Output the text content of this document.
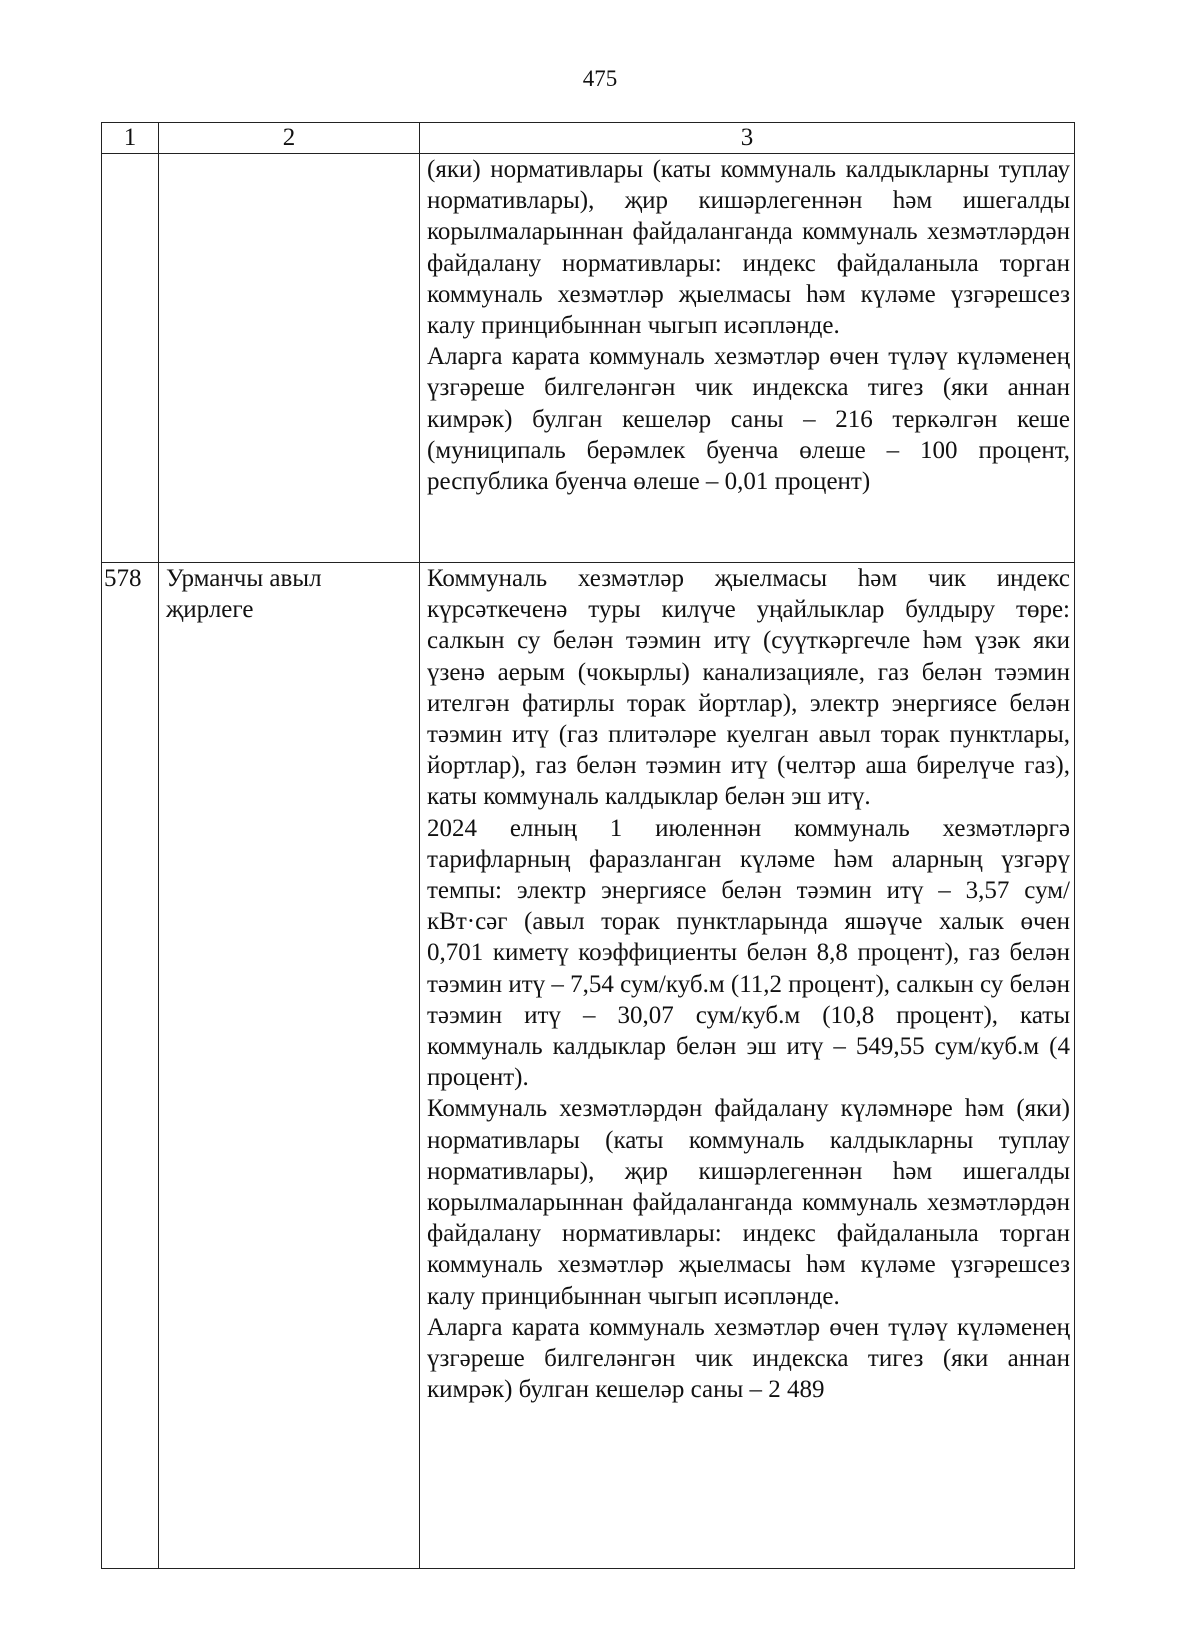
475
1	2	3

		(яки) нормативлары (каты коммуналь калдыкларны туплау нормативлары), җир кишәрлегеннән һәм ишегалды корылмаларыннан файдаланганда коммуналь хезмәтләрдән файдалану нормативлары: индекс файдаланыла торган коммуналь хезмәтләр җыелмасы һәм күләме үзгәрешсез калу принцибыннан чыгып исәпләнде.

Аларга карата коммуналь хезмәтләр өчен түләү күләменең үзгәреше билгеләнгән чик индекска тигез (яки аннан кимрәк) булган кешеләр саны – 216 теркәлгән кеше (муниципаль берәмлек буенча өлеше – 100 процент, республика буенча өлеше – 0,01 процент)

578	Урманчы авыл җирлеге	Коммуналь хезмәтләр җыелмасы һәм чик индекс күрсәткеченә туры килүче уңайлыклар булдыру төре: салкын су белән тәэмин итү (суүткәргечле һәм үзәк яки үзенә аерым (чокырлы) канализацияле, газ белән тәэмин ителгән фатирлы торак йортлар), электр энергиясе белән тәэмин итү (газ плитәләре куелган авыл торак пунктлары, йортлар), газ белән тәэмин итү (челтәр аша бирелүче газ), каты коммуналь калдыклар белән эш итү.

2024 елның 1 июленнән коммуналь хезмәтләргә тарифларның фаразланган күләме һәм аларның үзгәрү темпы: электр энергиясе белән тәэмин итү – 3,57 сум/кВт·сәг (авыл торак пунктларында яшәүче халык өчен 0,701 киметү коэффициенты белән 8,8 процент), газ белән тәэмин итү – 7,54 сум/куб.м (11,2 процент), салкын су белән тәэмин итү – 30,07 сум/куб.м (10,8 процент), каты коммуналь калдыклар белән эш итү – 549,55 сум/куб.м (4 процент).

Коммуналь хезмәтләрдән файдалану күләмнәре һәм (яки) нормативлары (каты коммуналь калдыкларны туплау нормативлары), җир кишәрлегеннән һәм ишегалды корылмаларыннан файдаланганда коммуналь хезмәтләрдән файдалану нормативлары: индекс файдаланыла торган коммуналь хезмәтләр җыелмасы һәм күләме үзгәрешсез калу принцибыннан чыгып исәпләнде.

Аларга карата коммуналь хезмәтләр өчен түләү күләменең үзгәреше билгеләнгән чик индекска тигез (яки аннан кимрәк) булган кешеләр саны – 2 489
